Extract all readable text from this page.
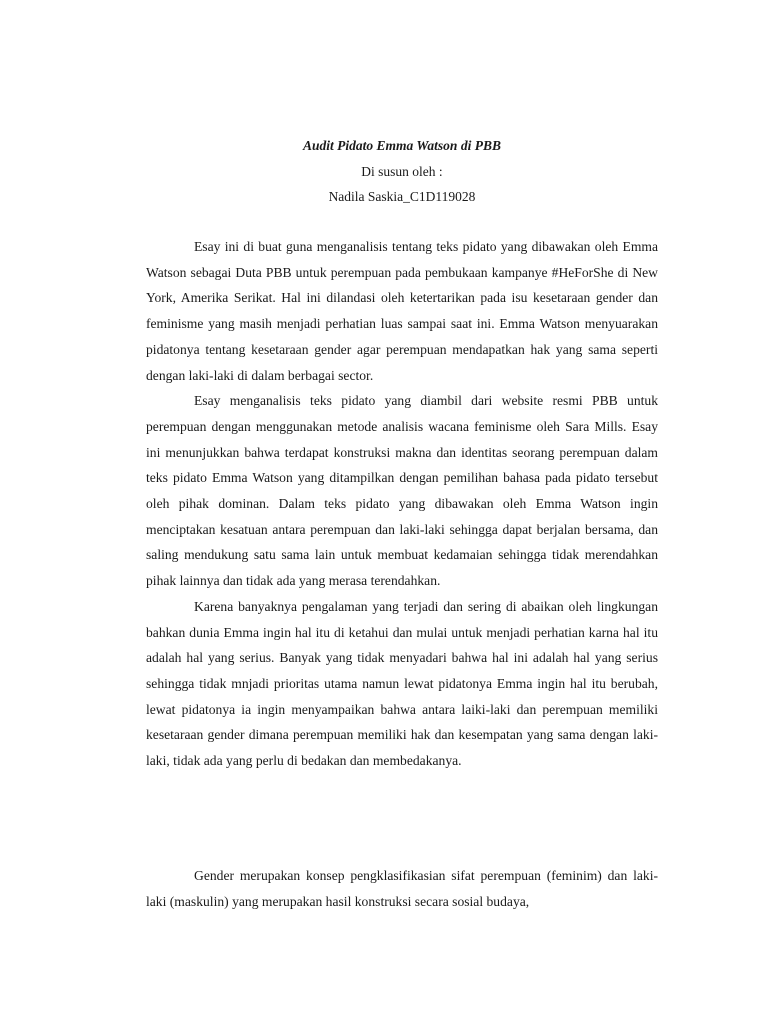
Audit Pidato Emma Watson di PBB
Di susun oleh :
Nadila Saskia_C1D119028

Esay ini di buat guna menganalisis tentang teks pidato yang dibawakan oleh Emma Watson sebagai Duta PBB untuk perempuan pada pembukaan kampanye #HeForShe di New York, Amerika Serikat. Hal ini dilandasi oleh ketertarikan pada isu kesetaraan gender dan feminisme yang masih menjadi perhatian luas sampai saat ini. Emma Watson menyuarakan pidatonya tentang kesetaraan gender agar perempuan mendapatkan hak yang sama seperti dengan laki-laki di dalam berbagai sector.

Esay menganalisis teks pidato yang diambil dari website resmi PBB untuk perempuan dengan menggunakan metode analisis wacana feminisme oleh Sara Mills. Esay ini menunjukkan bahwa terdapat konstruksi makna dan identitas seorang perempuan dalam teks pidato Emma Watson yang ditampilkan dengan pemilihan bahasa pada pidato tersebut oleh pihak dominan. Dalam teks pidato yang dibawakan oleh Emma Watson ingin menciptakan kesatuan antara perempuan dan laki-laki sehingga dapat berjalan bersama, dan saling mendukung satu sama lain untuk membuat kedamaian sehingga tidak merendahkan pihak lainnya dan tidak ada yang merasa terendahkan.

Karena banyaknya pengalaman yang terjadi dan sering di abaikan oleh lingkungan bahkan dunia Emma ingin hal itu di ketahui dan mulai untuk menjadi perhatian karna hal itu adalah hal yang serius. Banyak yang tidak menyadari bahwa hal ini adalah hal yang serius sehingga tidak mnjadi prioritas utama namun lewat pidatonya Emma ingin hal itu berubah, lewat pidatonya ia ingin menyampaikan bahwa antara laiki-laki dan perempuan memiliki kesetaraan gender dimana perempuan memiliki hak dan kesempatan yang sama dengan laki-laki, tidak ada yang perlu di bedakan dan membedakanya.

Gender merupakan konsep pengklasifikasian sifat perempuan (feminim) dan laki-laki (maskulin) yang merupakan hasil konstruksi secara sosial budaya,
